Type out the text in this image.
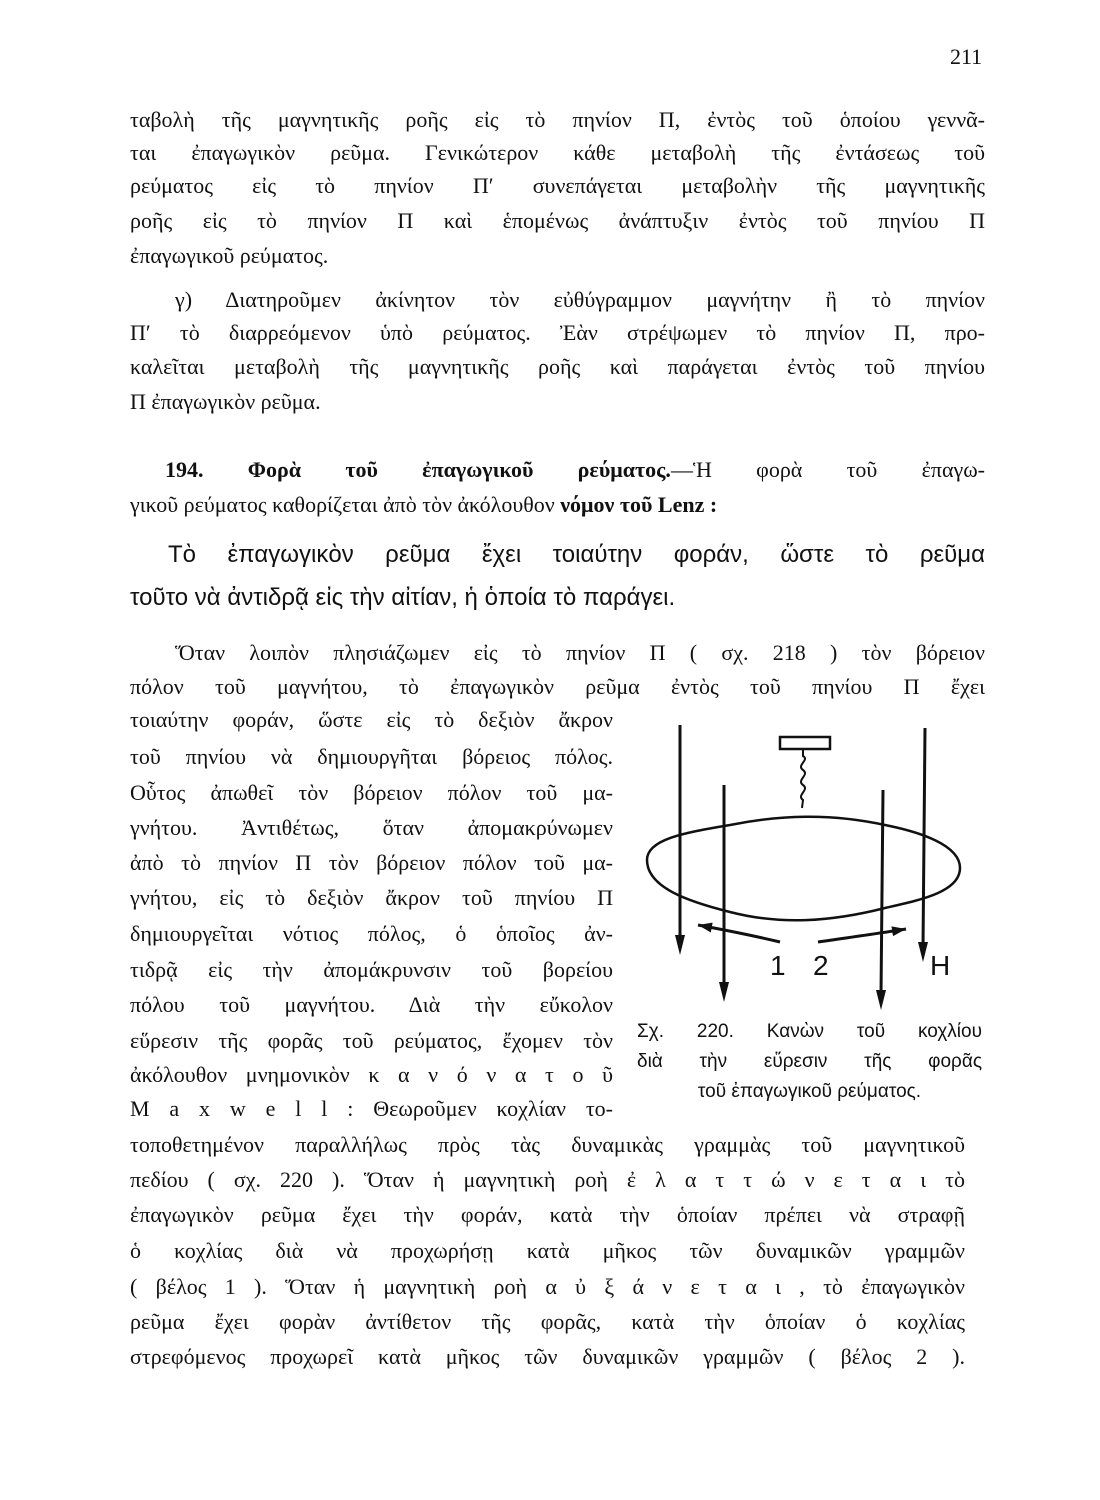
211
ταβολὴ τῆς μαγνητικῆς ροῆς εἰς τὸ πηνίον Π, ἐντὸς τοῦ ὁποίου γεννᾶ-
ται ἐπαγωγικὸν ρεῦμα. Γενικώτερον κάθε μεταβολὴ τῆς ἐντάσεως τοῦ
ρεύματος εἰς τὸ πηνίον Π′ συνεπάγεται μεταβολὴν τῆς μαγνητικῆς
ροῆς εἰς τὸ πηνίον Π καὶ ἑπομένως ἀνάπτυξιν ἐντὸς τοῦ πηνίου Π
ἐπαγωγικοῦ ρεύματος.
γ) Διατηροῦμεν ἀκίνητον τὸν εὐθύγραμμον μαγνήτην ἢ τὸ πηνίον
Π′ τὸ διαρρεόμενον ὑπὸ ρεύματος. Ἐὰν στρέψωμεν τὸ πηνίον Π, προ-
καλεῖται μεταβολὴ τῆς μαγνητικῆς ροῆς καὶ παράγεται ἐντὸς τοῦ πηνίου
Π ἐπαγωγικὸν ρεῦμα.
Τὸ ἐπαγωγικὸν ρεῦμα ἔχει τοιαύτην φοράν, ὥστε τὸ ρεῦμα
τοῦτο νὰ ἀντιδρᾷ εἰς τὴν αἰτίαν, ἡ ὁποία τὸ παράγει.
Ὅταν λοιπὸν πλησιάζωμεν εἰς τὸ πηνίον Π ( σχ. 218 ) τὸν βόρειον
πόλον τοῦ μαγνήτου, τὸ ἐπαγωγικὸν ρεῦμα ἐντὸς τοῦ πηνίου Π ἔχει
τοιαύτην φοράν, ὥστε εἰς τὸ δεξιὸν ἄκρον
τοῦ πηνίου νὰ δημιουργῆται βόρειος πόλος.
Οὗτος ἀπωθεῖ τὸν βόρειον πόλον τοῦ μα-
γνήτου. Ἀντιθέτως, ὅταν ἀπομακρύνωμεν
ἀπὸ τὸ πηνίον Π τὸν βόρειον πόλον τοῦ μα-
γνήτου, εἰς τὸ δεξιὸν ἄκρον τοῦ πηνίου Π
δημιουργεῖται νότιος πόλος, ὁ ὁποῖος ἀν-
τιδρᾷ εἰς τὴν ἀπομάκρυνσιν τοῦ βορείου
πόλου τοῦ μαγνήτου. Διὰ τὴν εὔκολον
εὕρεσιν τῆς φορᾶς τοῦ ρεύματος, ἔχομεν τὸν
ἀκόλουθον μνημονικὸν κ α ν ό ν α τ ο ῦ
M a x w e l l : Θεωροῦμεν κοχλίαν το-
τοποθετημένον παραλλήλως πρὸς τὰς δυναμικὰς γραμμὰς τοῦ μαγνητικοῦ
πεδίου ( σχ. 220 ). Ὅταν ἡ μαγνητικὴ ροὴ ἐ λ α τ τ ώ ν ε τ α ι τὸ
ἐπαγωγικὸν ρεῦμα ἔχει τὴν φοράν, κατὰ τὴν ὁποίαν πρέπει νὰ στραφῇ
ὁ κοχλίας διὰ νὰ προχωρήσῃ κατὰ μῆκος τῶν δυναμικῶν γραμμῶν
( βέλος 1 ). Ὅταν ἡ μαγνητικὴ ροὴ α ὐ ξ ά ν ε τ α ι , τὸ ἐπαγωγικὸν
ρεῦμα ἔχει φορὰν ἀντίθετον τῆς φορᾶς, κατὰ τὴν ὁποίαν ὁ κοχλίας
στρεφόμενος προχωρεῖ κατὰ μῆκος τῶν δυναμικῶν γραμμῶν ( βέλος 2 ).
194. Φορὰ τοῦ ἐπαγωγικοῦ ρεύματος.—Ἡ φορὰ τοῦ ἐπαγω-
γικοῦ ρεύματος καθορίζεται ἀπὸ τὸν ἀκόλουθον νόμον τοῦ Lenz :
1 2	H
Σχ. 220. Κανὼν τοῦ κοχλίου
διὰ τὴν εὕρεσιν τῆς φορᾶς
τοῦ ἐπαγωγικοῦ ρεύματος.
